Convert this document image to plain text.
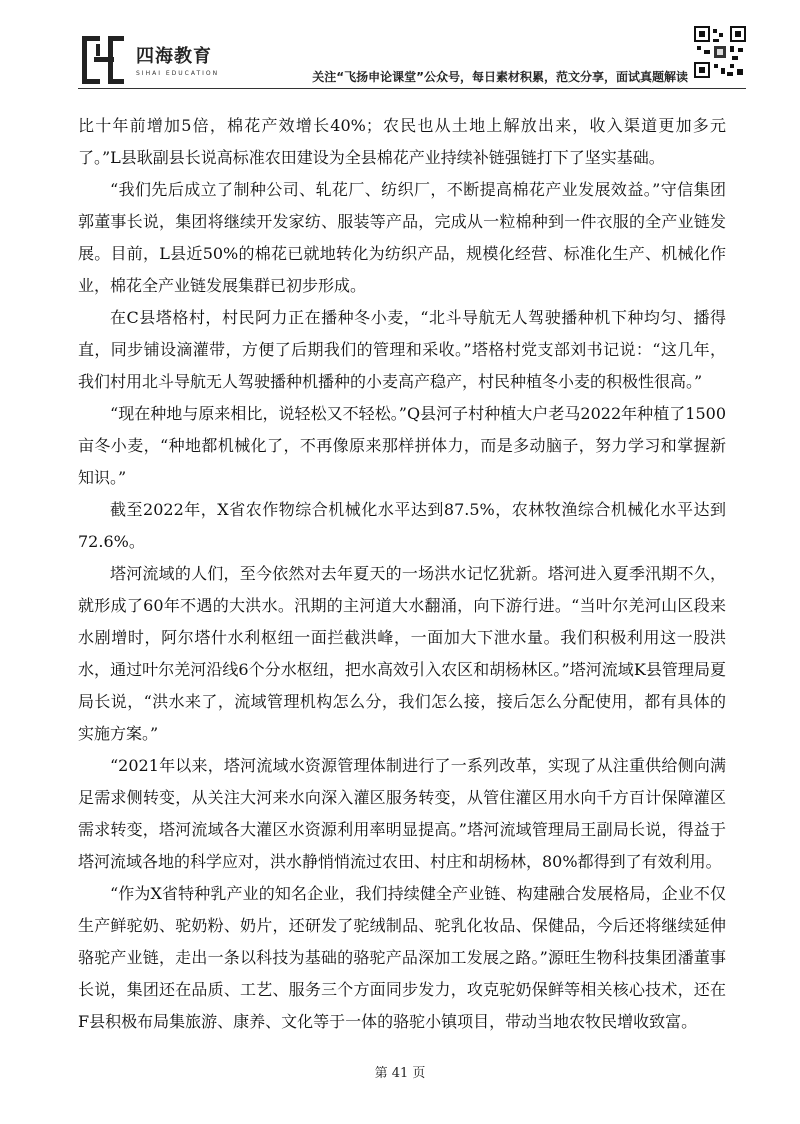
四海教育
SIHAI EDUCATION	关注“飞扬申论课堂”公众号，每日素材积累，范文分享，面试真题解读

比十年前增加5倍，棉花产效增长40%；农民也从土地上解放出来，收入渠道更加多元了。”L县耿副县长说高标准农田建设为全县棉花产业持续补链强链打下了坚实基础。

“我们先后成立了制种公司、轧花厂、纺织厂，不断提高棉花产业发展效益。”守信集团郭董事长说，集团将继续开发家纺、服装等产品，完成从一粒棉种到一件衣服的全产业链发展。目前，L县近50%的棉花已就地转化为纺织产品，规模化经营、标准化生产、机械化作业，棉花全产业链发展集群已初步形成。

在C县塔格村，村民阿力正在播种冬小麦，“北斗导航无人驾驶播种机下种均匀、播得直，同步铺设滴灌带，方便了后期我们的管理和采收。”塔格村党支部刘书记说：“这几年，我们村用北斗导航无人驾驶播种机播种的小麦高产稳产，村民种植冬小麦的积极性很高。”

“现在种地与原来相比，说轻松又不轻松。”Q县河子村种植大户老马2022年种植了1500亩冬小麦，“种地都机械化了，不再像原来那样拼体力，而是多动脑子，努力学习和掌握新知识。”

截至2022年，X省农作物综合机械化水平达到87.5%，农林牧渔综合机械化水平达到72.6%。

塔河流域的人们，至今依然对去年夏天的一场洪水记忆犹新。塔河进入夏季汛期不久，就形成了60年不遇的大洪水。汛期的主河道大水翻涌，向下游行进。“当叶尔羌河山区段来水剧增时，阿尔塔什水利枢纽一面拦截洪峰，一面加大下泄水量。我们积极利用这一股洪水，通过叶尔羌河沿线6个分水枢纽，把水高效引入农区和胡杨林区。”塔河流域K县管理局夏局长说，“洪水来了，流域管理机构怎么分，我们怎么接，接后怎么分配使用，都有具体的实施方案。”

“2021年以来，塔河流域水资源管理体制进行了一系列改革，实现了从注重供给侧向满足需求侧转变，从关注大河来水向深入灌区服务转变，从管住灌区用水向千方百计保障灌区需求转变，塔河流域各大灌区水资源利用率明显提高。”塔河流域管理局王副局长说，得益于塔河流域各地的科学应对，洪水静悄悄流过农田、村庄和胡杨林，80%都得到了有效利用。

“作为X省特种乳产业的知名企业，我们持续健全产业链、构建融合发展格局，企业不仅生产鲜驼奶、驼奶粉、奶片，还研发了驼绒制品、驼乳化妆品、保健品，今后还将继续延伸骆驼产业链，走出一条以科技为基础的骆驼产品深加工发展之路。”源旺生物科技集团潘董事长说，集团还在品质、工艺、服务三个方面同步发力，攻克驼奶保鲜等相关核心技术，还在F县积极布局集旅游、康养、文化等于一体的骆驼小镇项目，带动当地农牧民增收致富。

第 41 页
